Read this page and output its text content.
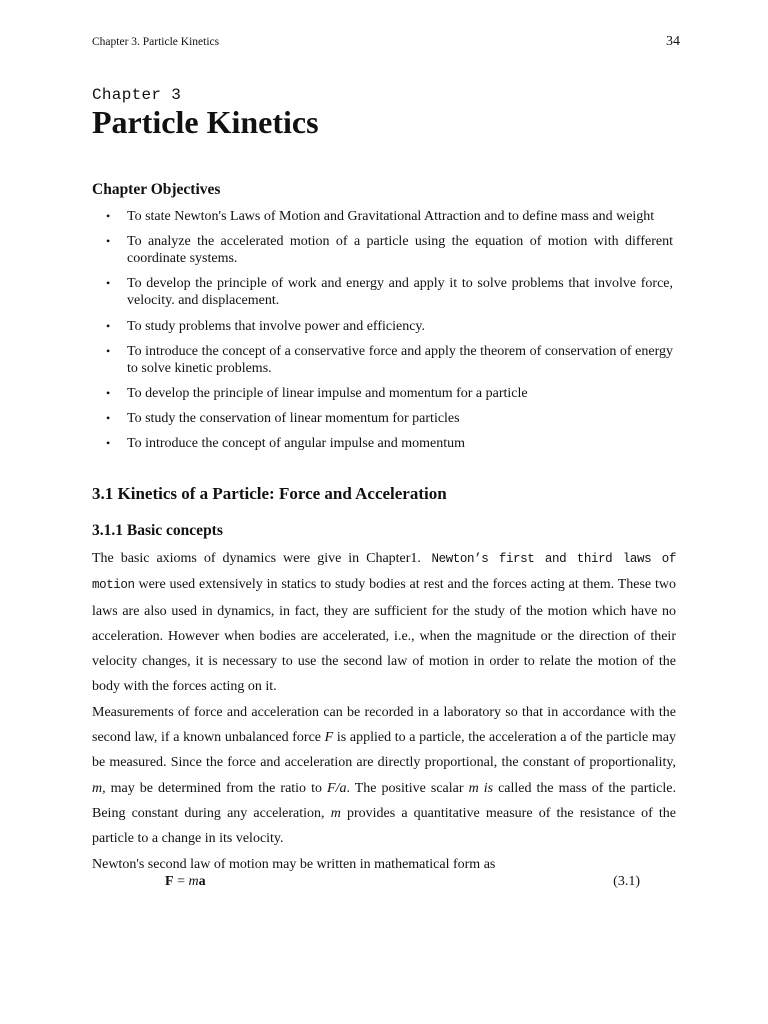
Chapter 3. Particle Kinetics	34
Chapter 3
Particle Kinetics
Chapter Objectives
• To state Newton's Laws of Motion and Gravitational Attraction and to define mass and weight
• To analyze the accelerated motion of a particle using the equation of motion with different coordinate systems.
• To develop the principle of work and energy and apply it to solve problems that involve force, velocity. and displacement.
• To study problems that involve power and efficiency.
• To introduce the concept of a conservative force and apply the theorem of conservation of energy to solve kinetic problems.
• To develop the principle of linear impulse and momentum for a particle
• To study the conservation of linear momentum for particles
• To introduce the concept of angular impulse and momentum
3.1 Kinetics of a Particle: Force and Acceleration
3.1.1 Basic concepts

The basic axioms of dynamics were give in Chapter1. Newton’s first and third laws of motion were used extensively in statics to study bodies at rest and the forces acting at them. These two laws are also used in dynamics, in fact, they are sufficient for the study of the motion which have no acceleration. However when bodies are accelerated, i.e., when the magnitude or the direction of their velocity changes, it is necessary to use the second law of motion in order to relate the motion of the body with the forces acting on it.

Measurements of force and acceleration can be recorded in a laboratory so that in accordance with the second law, if a known unbalanced force F is applied to a particle, the acceleration a of the particle may be measured. Since the force and acceleration are directly proportional, the constant of proportionality, m, may be determined from the ratio to F/a. The positive scalar m is called the mass of the particle. Being constant during any acceleration, m provides a quantitative measure of the resistance of the particle to a change in its velocity.

Newton's second law of motion may be written in mathematical form as

F = ma	(3.1)
